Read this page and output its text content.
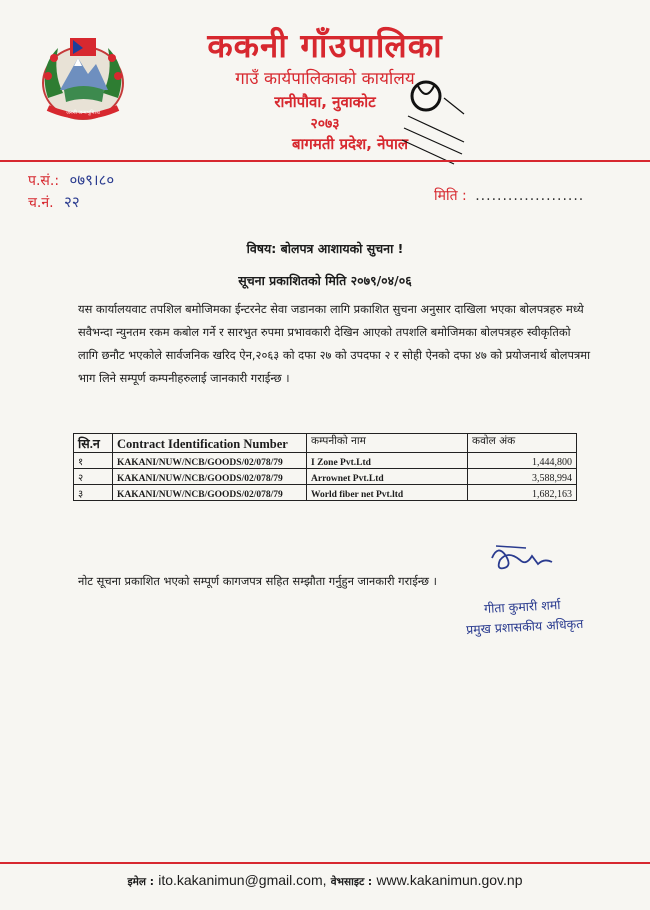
जननी जन्मभूमिश्च
ककनी गाँउपालिका
गाउँ कार्यपालिकाको कार्यालय
रानीपौवा, नुवाकोट
२०७३
बागमती प्रदेश, नेपाल
प.सं.: ०७९।८०
च.नं. २२	मिति : ....................
विषय: बोलपत्र आशायको सुचना !
सूचना प्रकाशितको मिति २०७९/०४/०६
यस कार्यालयवाट तपशिल बमोजिमका ईन्टरनेट सेवा जडानका लागि प्रकाशित सुचना अनुसार दाखिला भएका बोलपत्रहरु मध्ये सवैभन्दा न्युनतम रकम कबोल गर्ने र सारभुत रुपमा प्रभावकारी देखिन आएको तपशलि बमोजिमका बोलपत्रहरु स्वीकृतिको लागि छनौट भएकोले सार्वजनिक खरिद ऐन,२०६३ को दफा २७ को उपदफा २ र सोही ऐनको दफा ४७ को प्रयोजनार्थ बोलपत्रमा भाग लिने सम्पूर्ण कम्पनीहरुलाई जानकारी गराईन्छ ।
सि.न	Contract Identification Number	कम्पनीको नाम	कवोल अंक
१	KAKANI/NUW/NCB/GOODS/02/078/79	I Zone Pvt.Ltd	1,444,800
२	KAKANI/NUW/NCB/GOODS/02/078/79	Arrownet Pvt.Ltd	3,588,994
३	KAKANI/NUW/NCB/GOODS/02/078/79	World fiber net Pvt.ltd	1,682,163
नोट सूचना प्रकाशित भएको सम्पूर्ण कागजपत्र सहित सम्झौता गर्नुहुन जानकारी गराईन्छ ।
गीता कुमारी शर्मा
प्रमुख प्रशासकीय अधिकृत
इमेल : ito.kakanimun@gmail.com, वेभसाइट : www.kakanimun.gov.np
